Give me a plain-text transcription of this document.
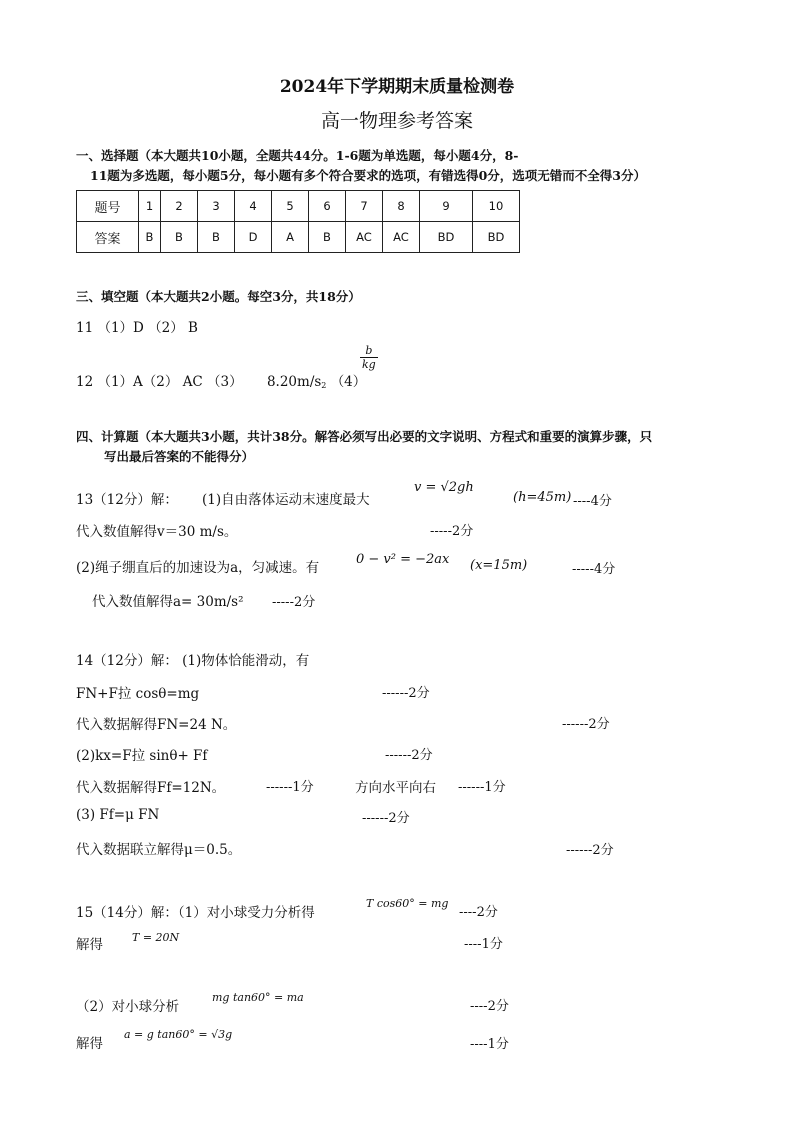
2024年下学期期末质量检测卷
高一物理参考答案
一、选择题（本大题共10小题，全题共44分。1-6题为单选题，每小题4分，8-
11题为多选题，每小题5分，每小题有多个符合要求的选项，有错选得0分，选项无错而不全得3分）
题号	1	2	3	4	5	6	7	8	9	10
答案	B	B	B	D	A	B	AC	AC	BD	BD
三、填空题（本大题共2小题。每空3分，共18分）
11 （1）D （2） B
12 （1）A（2） AC （3） 8.20m/s2 （4）
$\frac{b}{kg}$
四、计算题（本大题共3小题，共计38分。解答必须写出必要的文字说明、方程式和重要的演算步骤，只
写出最后答案的不能得分）
13（12分）解： (1)自由落体运动末速度最大
v = √2gh
(h=45m) ----4分
代入数值解得v＝30 m/s。	-----2分
(2)绳子绷直后的加速设为a，匀减速。有
0 − v² = −2ax (x=15m)	-----4分
代入数值解得a= 30m/s² -----2分
14（12分）解： (1)物体恰能滑动，有
FN+F拉 cosθ=mg	------2分
代入数据解得FN=24 N。	------2分
(2)kx=F拉 sinθ+ Ff	------2分
代入数据解得Ff=12N。	------1分	方向水平向右 ------1分
(3) Ff=μ FN	------2分
代入数据联立解得μ＝0.5。	------2分
15（14分）解：（1）对小球受力分析得
T cos60° = mg
----2分
解得	T = 20N	----1分
（2）对小球分析
mg tan60° = ma
----2分
解得
a = g tan60° = √3g
----1分
